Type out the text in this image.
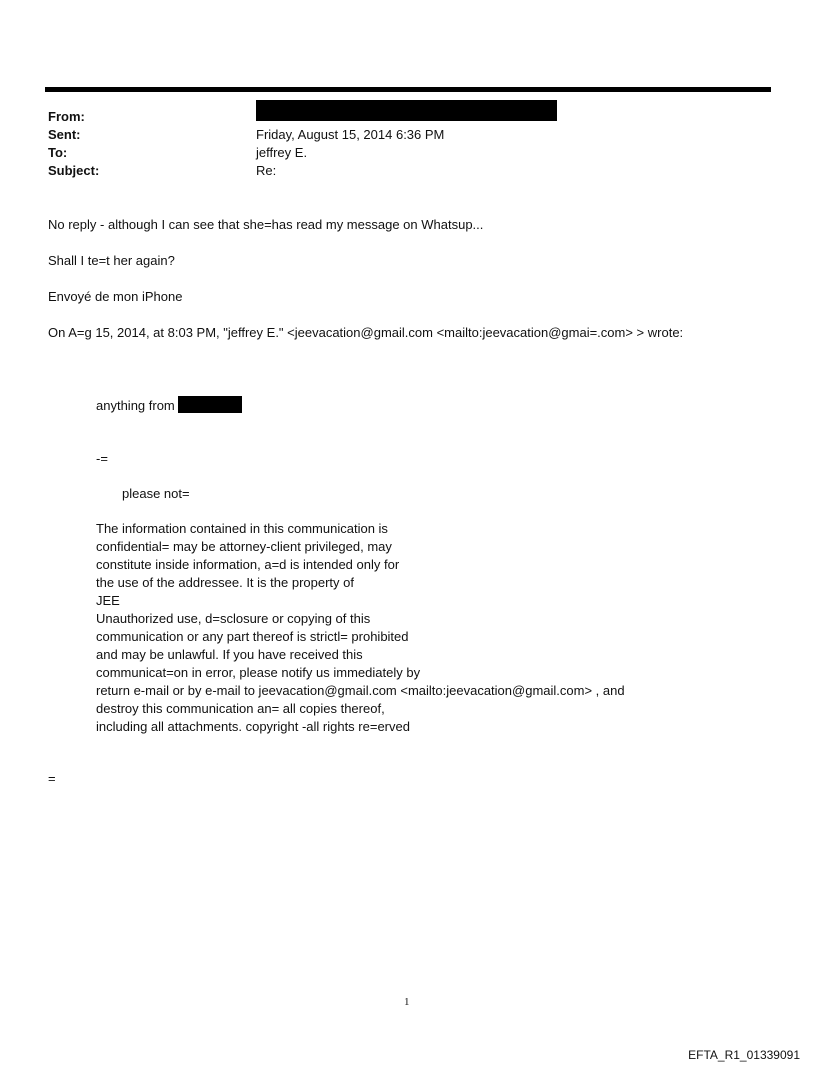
From:
Sent:
To:
Subject:
Friday, August 15, 2014 6:36 PM
jeffrey E.
Re:
No reply - although I can see that she=has read my message on Whatsup...
Shall I te=t her again?
Envoyé de mon iPhone
On A=g 15, 2014, at 8:03 PM, "jeffrey E." <jeevacation@gmail.com <mailto:jeevacation@gmai=.com> > wrote:
anything from
-=
please not=
The information contained in this communication is
confidential= may be attorney-client privileged, may
constitute inside information, a=d is intended only for
the use of the addressee. It is the property of
JEE
Unauthorized use, d=sclosure or copying of this
communication or any part thereof is strictl= prohibited
and may be unlawful. If you have received this
communicat=on in error, please notify us immediately by
return e-mail or by e-mail to jeevacation@gmail.com <mailto:jeevacation@gmail.com> , and
destroy this communication an= all copies thereof,
including all attachments. copyright -all rights re=erved
=
1
EFTA_R1_01339091
